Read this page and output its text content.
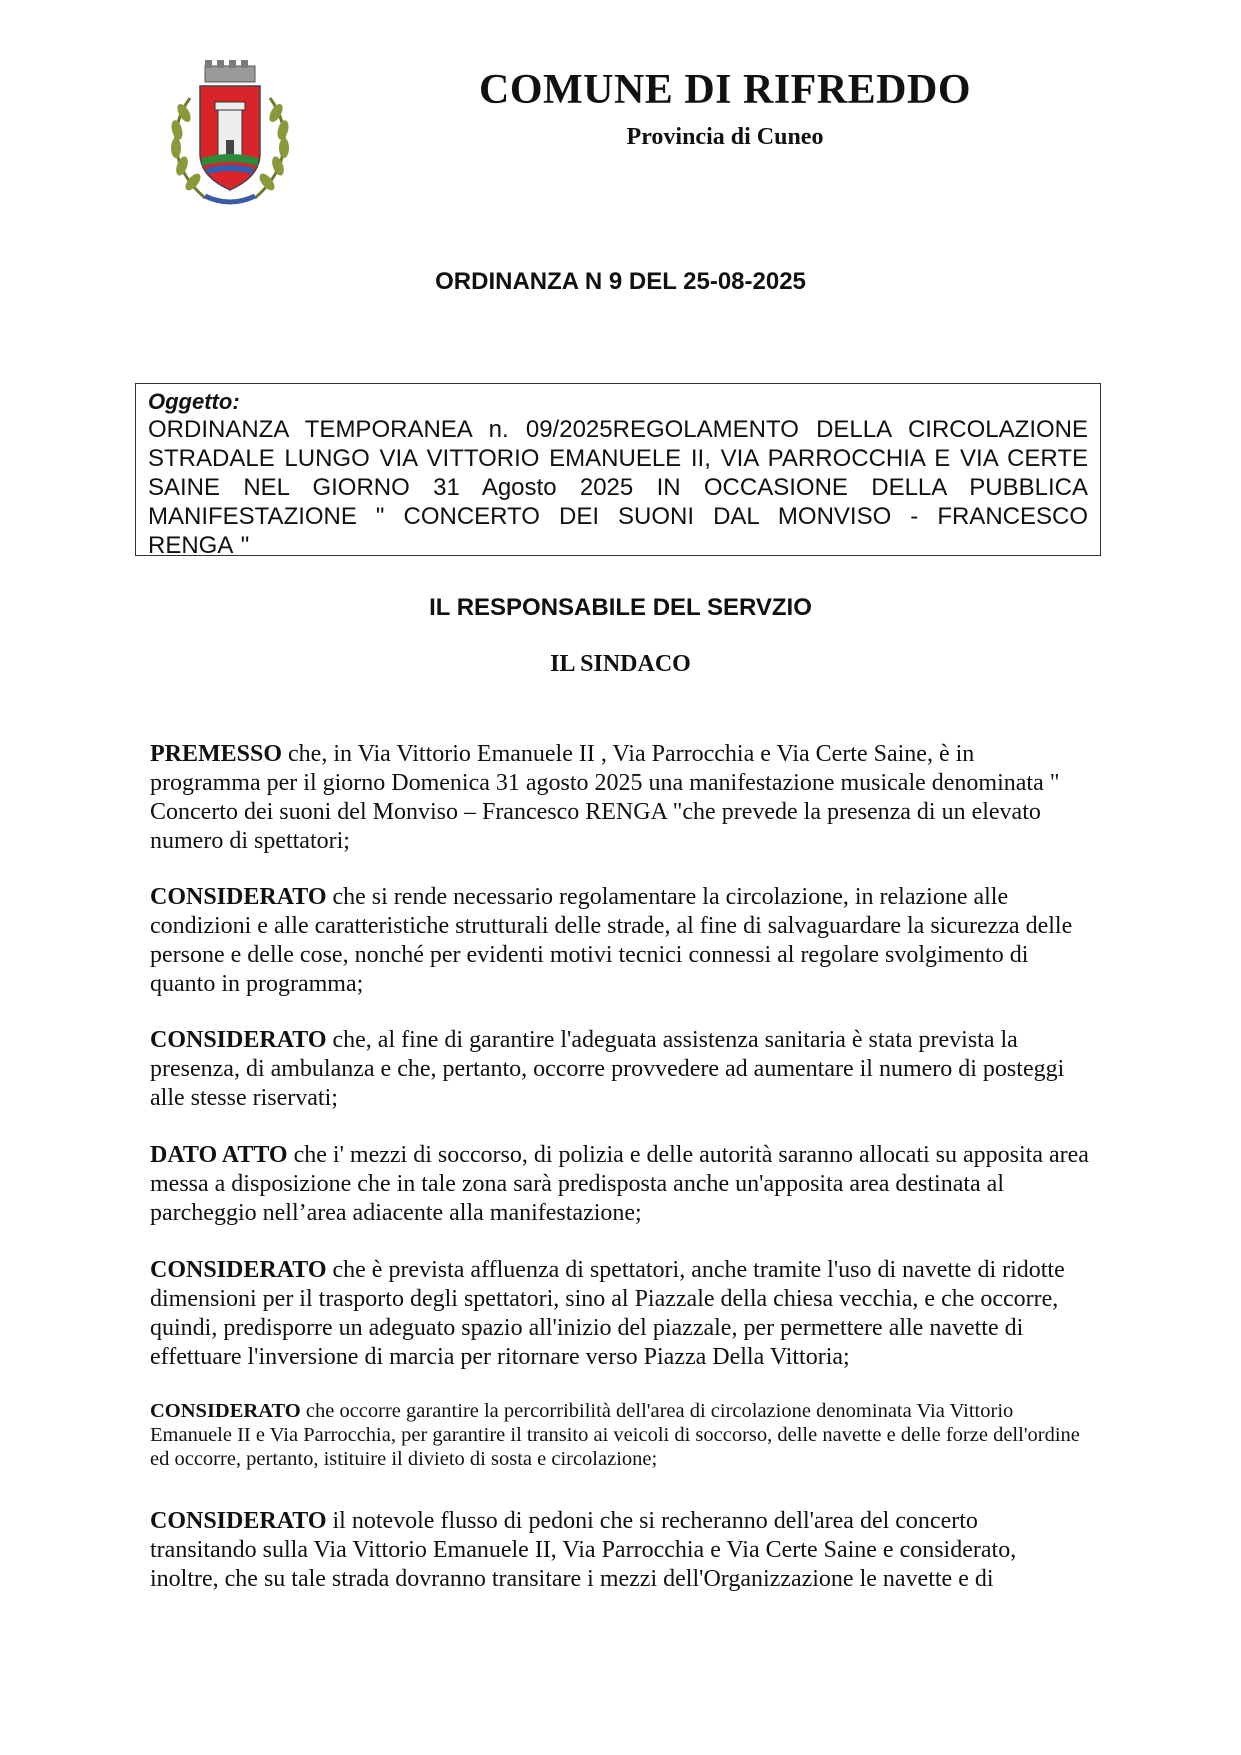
COMUNE DI RIFREDDO
Provincia di Cuneo
ORDINANZA N 9 DEL 25-08-2025
Oggetto:
ORDINANZA TEMPORANEA n. 09/2025REGOLAMENTO DELLA CIRCOLAZIONE STRADALE LUNGO VIA VITTORIO EMANUELE II, VIA PARROCCHIA E VIA CERTE SAINE NEL GIORNO 31 Agosto 2025 IN OCCASIONE DELLA PUBBLICA MANIFESTAZIONE " CONCERTO DEI SUONI DAL MONVISO - FRANCESCO RENGA "
IL RESPONSABILE DEL SERVZIO
IL SINDACO

PREMESSO che, in Via Vittorio Emanuele II , Via Parrocchia e Via Certe Saine, è in programma per il giorno Domenica 31 agosto 2025 una manifestazione musicale denominata " Concerto dei suoni del Monviso – Francesco RENGA "che prevede la presenza di un elevato numero di spettatori;

CONSIDERATO che si rende necessario regolamentare la circolazione, in relazione alle condizioni e alle caratteristiche strutturali delle strade, al fine di salvaguardare la sicurezza delle persone e delle cose, nonché per evidenti motivi tecnici connessi al regolare svolgimento di quanto in programma;

CONSIDERATO che, al fine di garantire l'adeguata assistenza sanitaria è stata prevista la presenza, di ambulanza e che, pertanto, occorre provvedere ad aumentare il numero di posteggi alle stesse riservati;

DATO ATTO che i' mezzi di soccorso, di polizia e delle autorità saranno allocati su apposita area messa a disposizione che in tale zona sarà predisposta anche un'apposita area destinata al parcheggio nell’area adiacente alla manifestazione;

CONSIDERATO che è prevista affluenza di spettatori, anche tramite l'uso di navette di ridotte dimensioni per il trasporto degli spettatori, sino al Piazzale della chiesa vecchia, e che occorre, quindi, predisporre un adeguato spazio all'inizio del piazzale, per permettere alle navette di effettuare l'inversione di marcia per ritornare verso Piazza Della Vittoria;

CONSIDERATO che occorre garantire la percorribilità dell'area di circolazione denominata Via Vittorio Emanuele II e Via Parrocchia, per garantire il transito ai veicoli di soccorso, delle navette e delle forze dell'ordine ed occorre, pertanto, istituire il divieto di sosta e circolazione;

CONSIDERATO il notevole flusso di pedoni che si recheranno dell'area del concerto transitando sulla Via Vittorio Emanuele II, Via Parrocchia e Via Certe Saine e considerato, inoltre, che su tale strada dovranno transitare i mezzi dell'Organizzazione le navette e di
